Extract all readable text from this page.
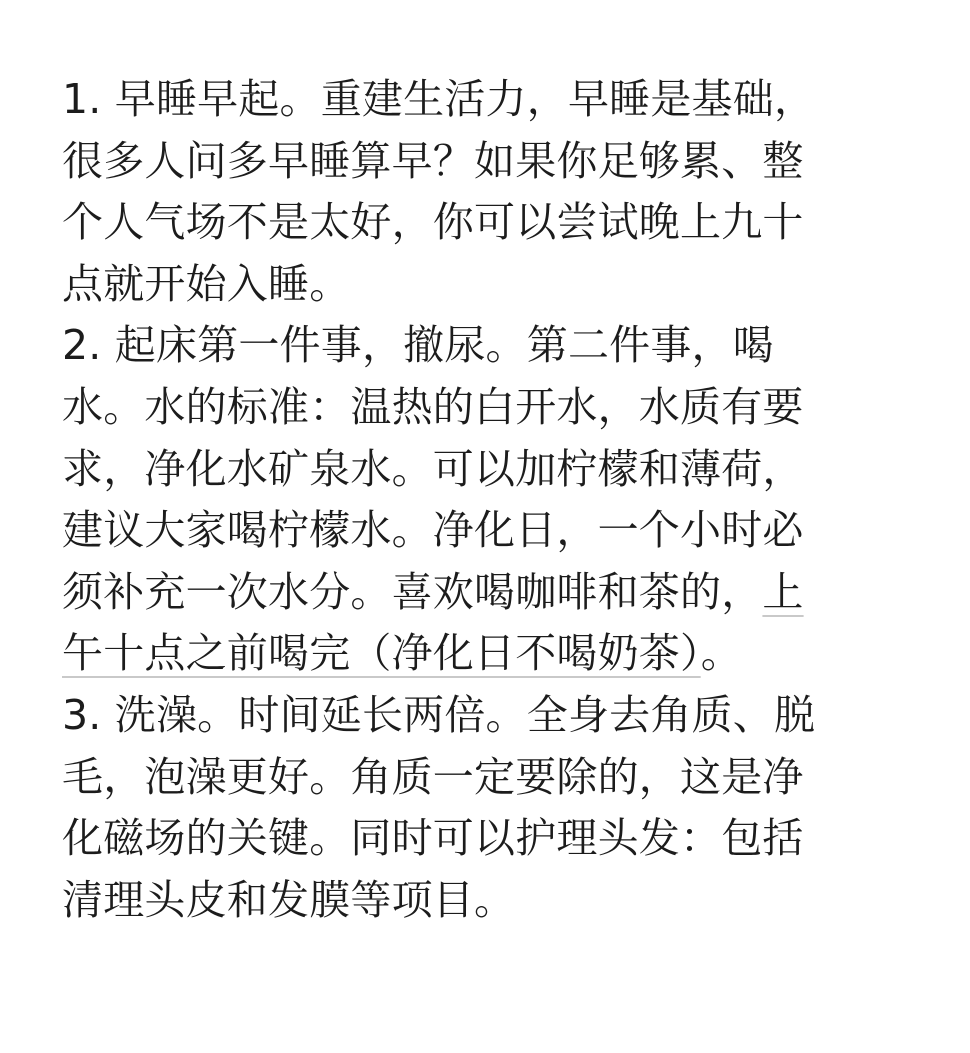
1. 早睡早起。重建生活力，早睡是基础，
很多人问多早睡算早？如果你足够累、整
个人气场不是太好，你可以尝试晚上九十
点就开始入睡。
2. 起床第一件事，撤尿。第二件事，喝
水。水的标准：温热的白开水，水质有要
求，净化水矿泉水。可以加柠檬和薄荷，
建议大家喝柠檬水。净化日，一个小时必
须补充一次水分。喜欢喝咖啡和茶的，上
午十点之前喝完（净化日不喝奶茶）。
3. 洗澡。时间延长两倍。全身去角质、脱
毛，泡澡更好。角质一定要除的，这是净
化磁场的关键。同时可以护理头发：包括
清理头皮和发膜等项目。
